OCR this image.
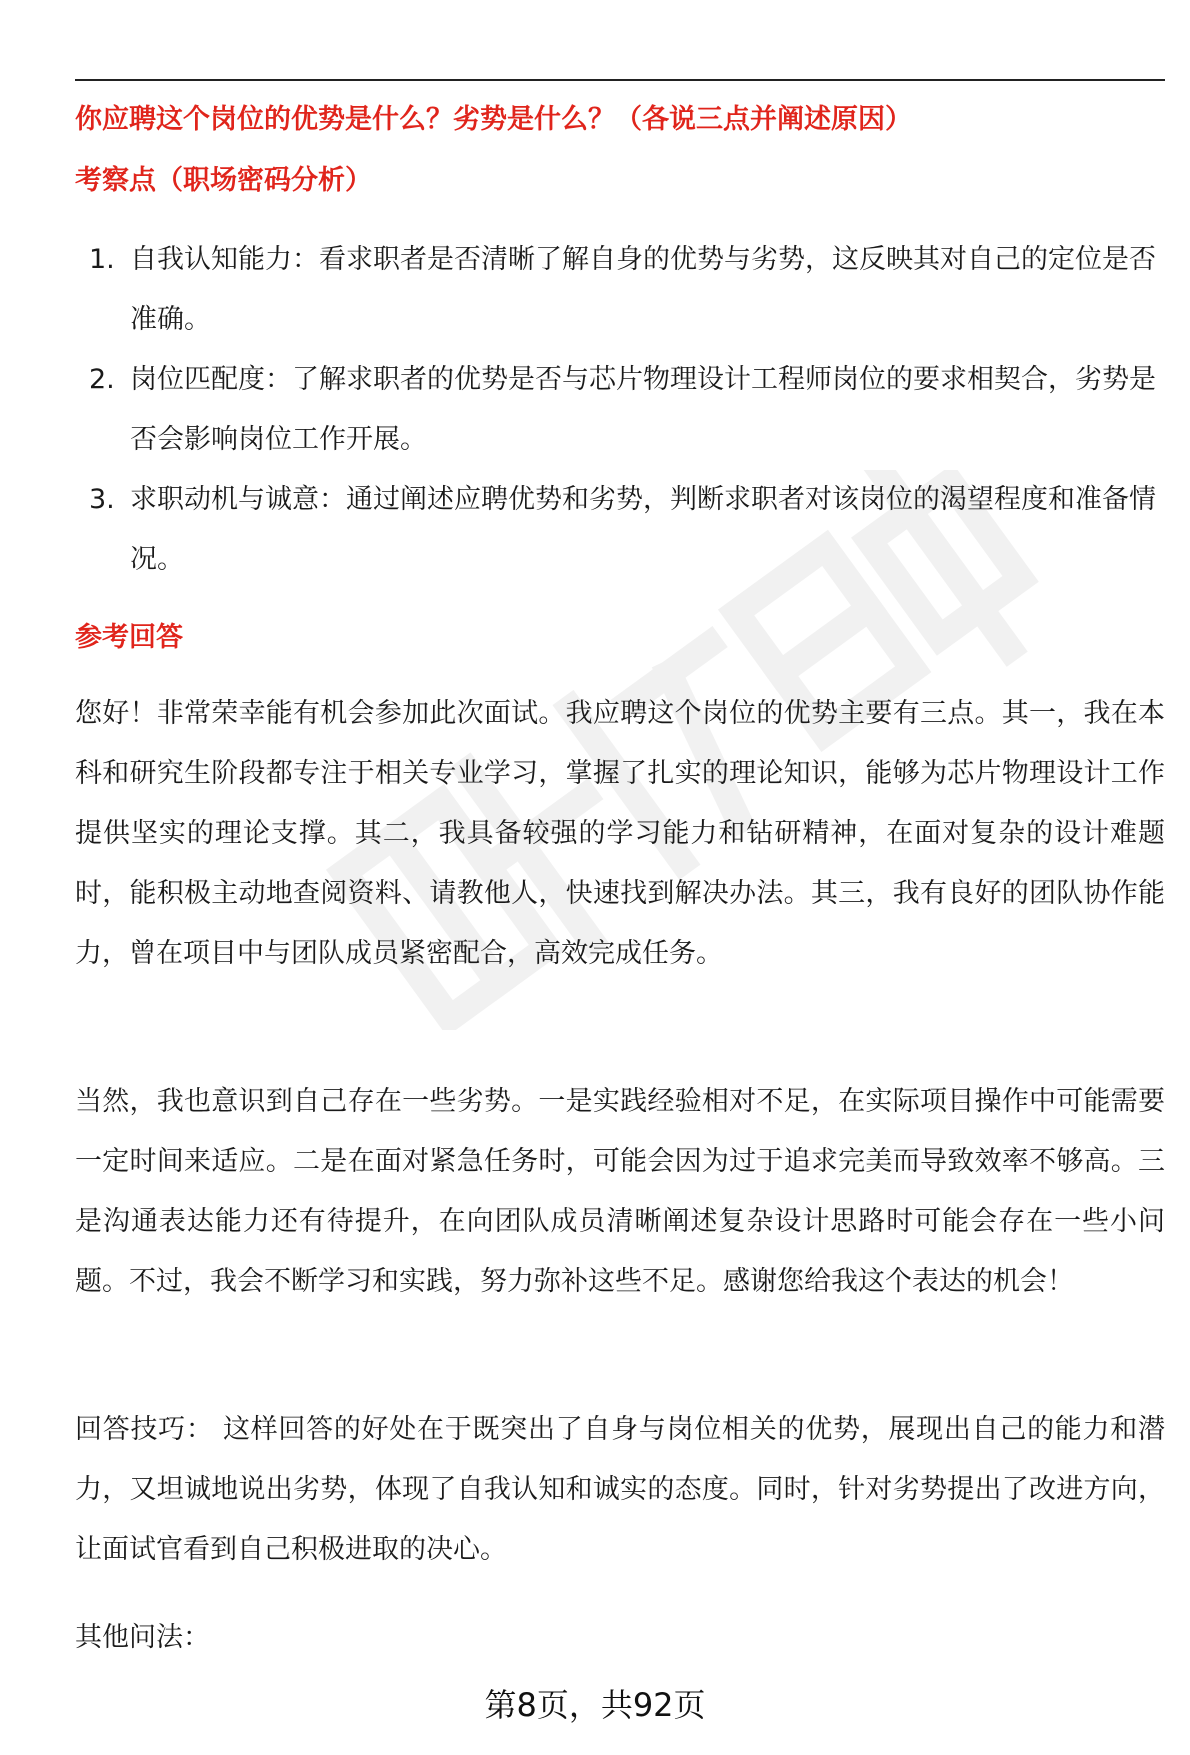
你应聘这个岗位的优势是什么？劣势是什么？（各说三点并阐述原因）
考察点（职场密码分析）
1. 自我认知能力：看求职者是否清晰了解自身的优势与劣势，这反映其对自己的定位是否准确。
2. 岗位匹配度：了解求职者的优势是否与芯片物理设计工程师岗位的要求相契合，劣势是否会影响岗位工作开展。
3. 求职动机与诚意：通过阐述应聘优势和劣势，判断求职者对该岗位的渴望程度和准备情况。
参考回答

您好！非常荣幸能有机会参加此次面试。我应聘这个岗位的优势主要有三点。其一，我在本科和研究生阶段都专注于相关专业学习，掌握了扎实的理论知识，能够为芯片物理设计工作提供坚实的理论支撑。其二，我具备较强的学习能力和钻研精神，在面对复杂的设计难题时，能积极主动地查阅资料、请教他人，快速找到解决办法。其三，我有良好的团队协作能力，曾在项目中与团队成员紧密配合，高效完成任务。

当然，我也意识到自己存在一些劣势。一是实践经验相对不足，在实际项目操作中可能需要一定时间来适应。二是在面对紧急任务时，可能会因为过于追求完美而导致效率不够高。三是沟通表达能力还有待提升，在向团队成员清晰阐述复杂设计思路时可能会存在一些小问题。不过，我会不断学习和实践，努力弥补这些不足。感谢您给我这个表达的机会！

回答技巧： 这样回答的好处在于既突出了自身与岗位相关的优势，展现出自己的能力和潜力，又坦诚地说出劣势，体现了自我认知和诚实的态度。同时，针对劣势提出了改进方向，让面试官看到自己积极进取的决心。

其他问法：

第8页，共92页
